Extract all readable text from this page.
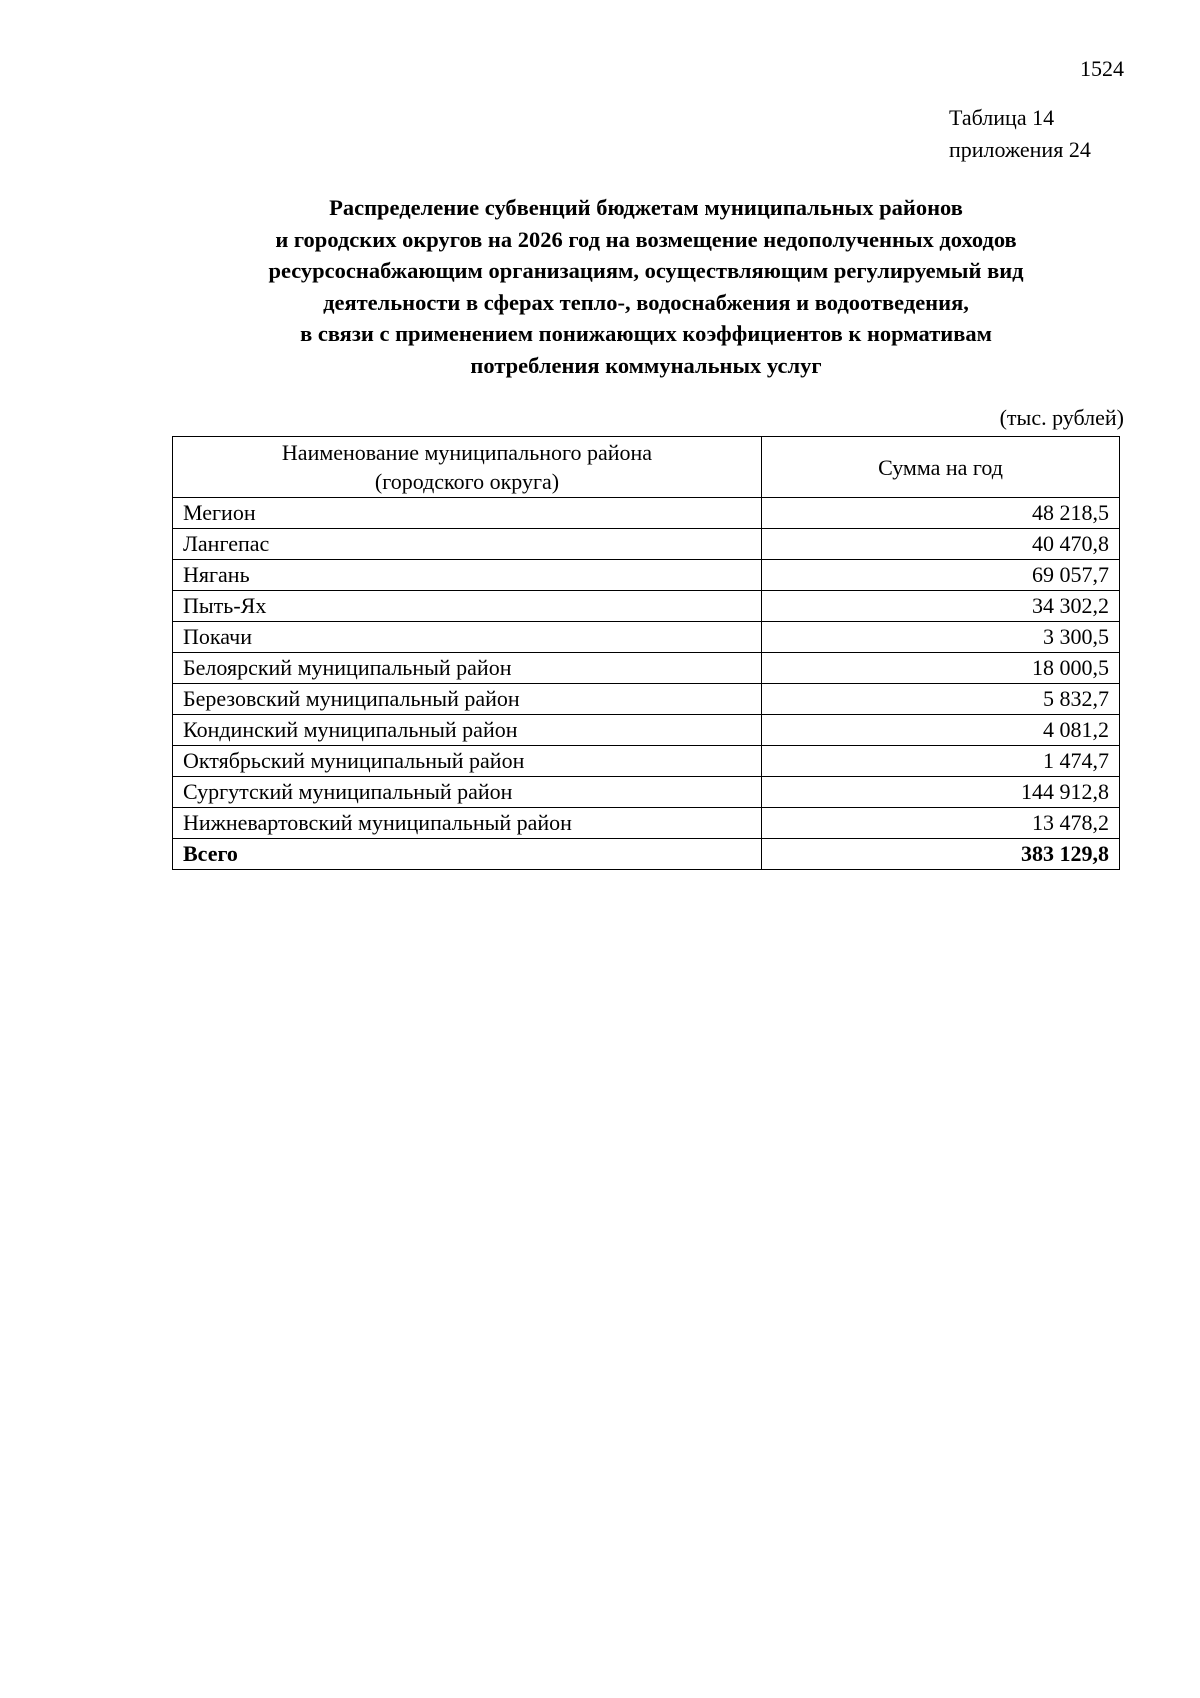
1524
Таблица 14
приложения 24
Распределение субвенций бюджетам муниципальных районов
и городских округов на 2026 год на возмещение недополученных доходов
ресурсоснабжающим организациям, осуществляющим регулируемый вид
деятельности в сферах тепло-, водоснабжения и водоотведения,
в связи с применением понижающих коэффициентов к нормативам
потребления коммунальных услуг
(тыс. рублей)
Наименование муниципального района
(городского округа)	Сумма на год
Мегион	48 218,5
Лангепас	40 470,8
Нягань	69 057,7
Пыть-Ях	34 302,2
Покачи	3 300,5
Белоярский муниципальный район	18 000,5
Березовский муниципальный район	5 832,7
Кондинский муниципальный район	4 081,2
Октябрьский муниципальный район	1 474,7
Сургутский муниципальный район	144 912,8
Нижневартовский муниципальный район	13 478,2
Всего	383 129,8
